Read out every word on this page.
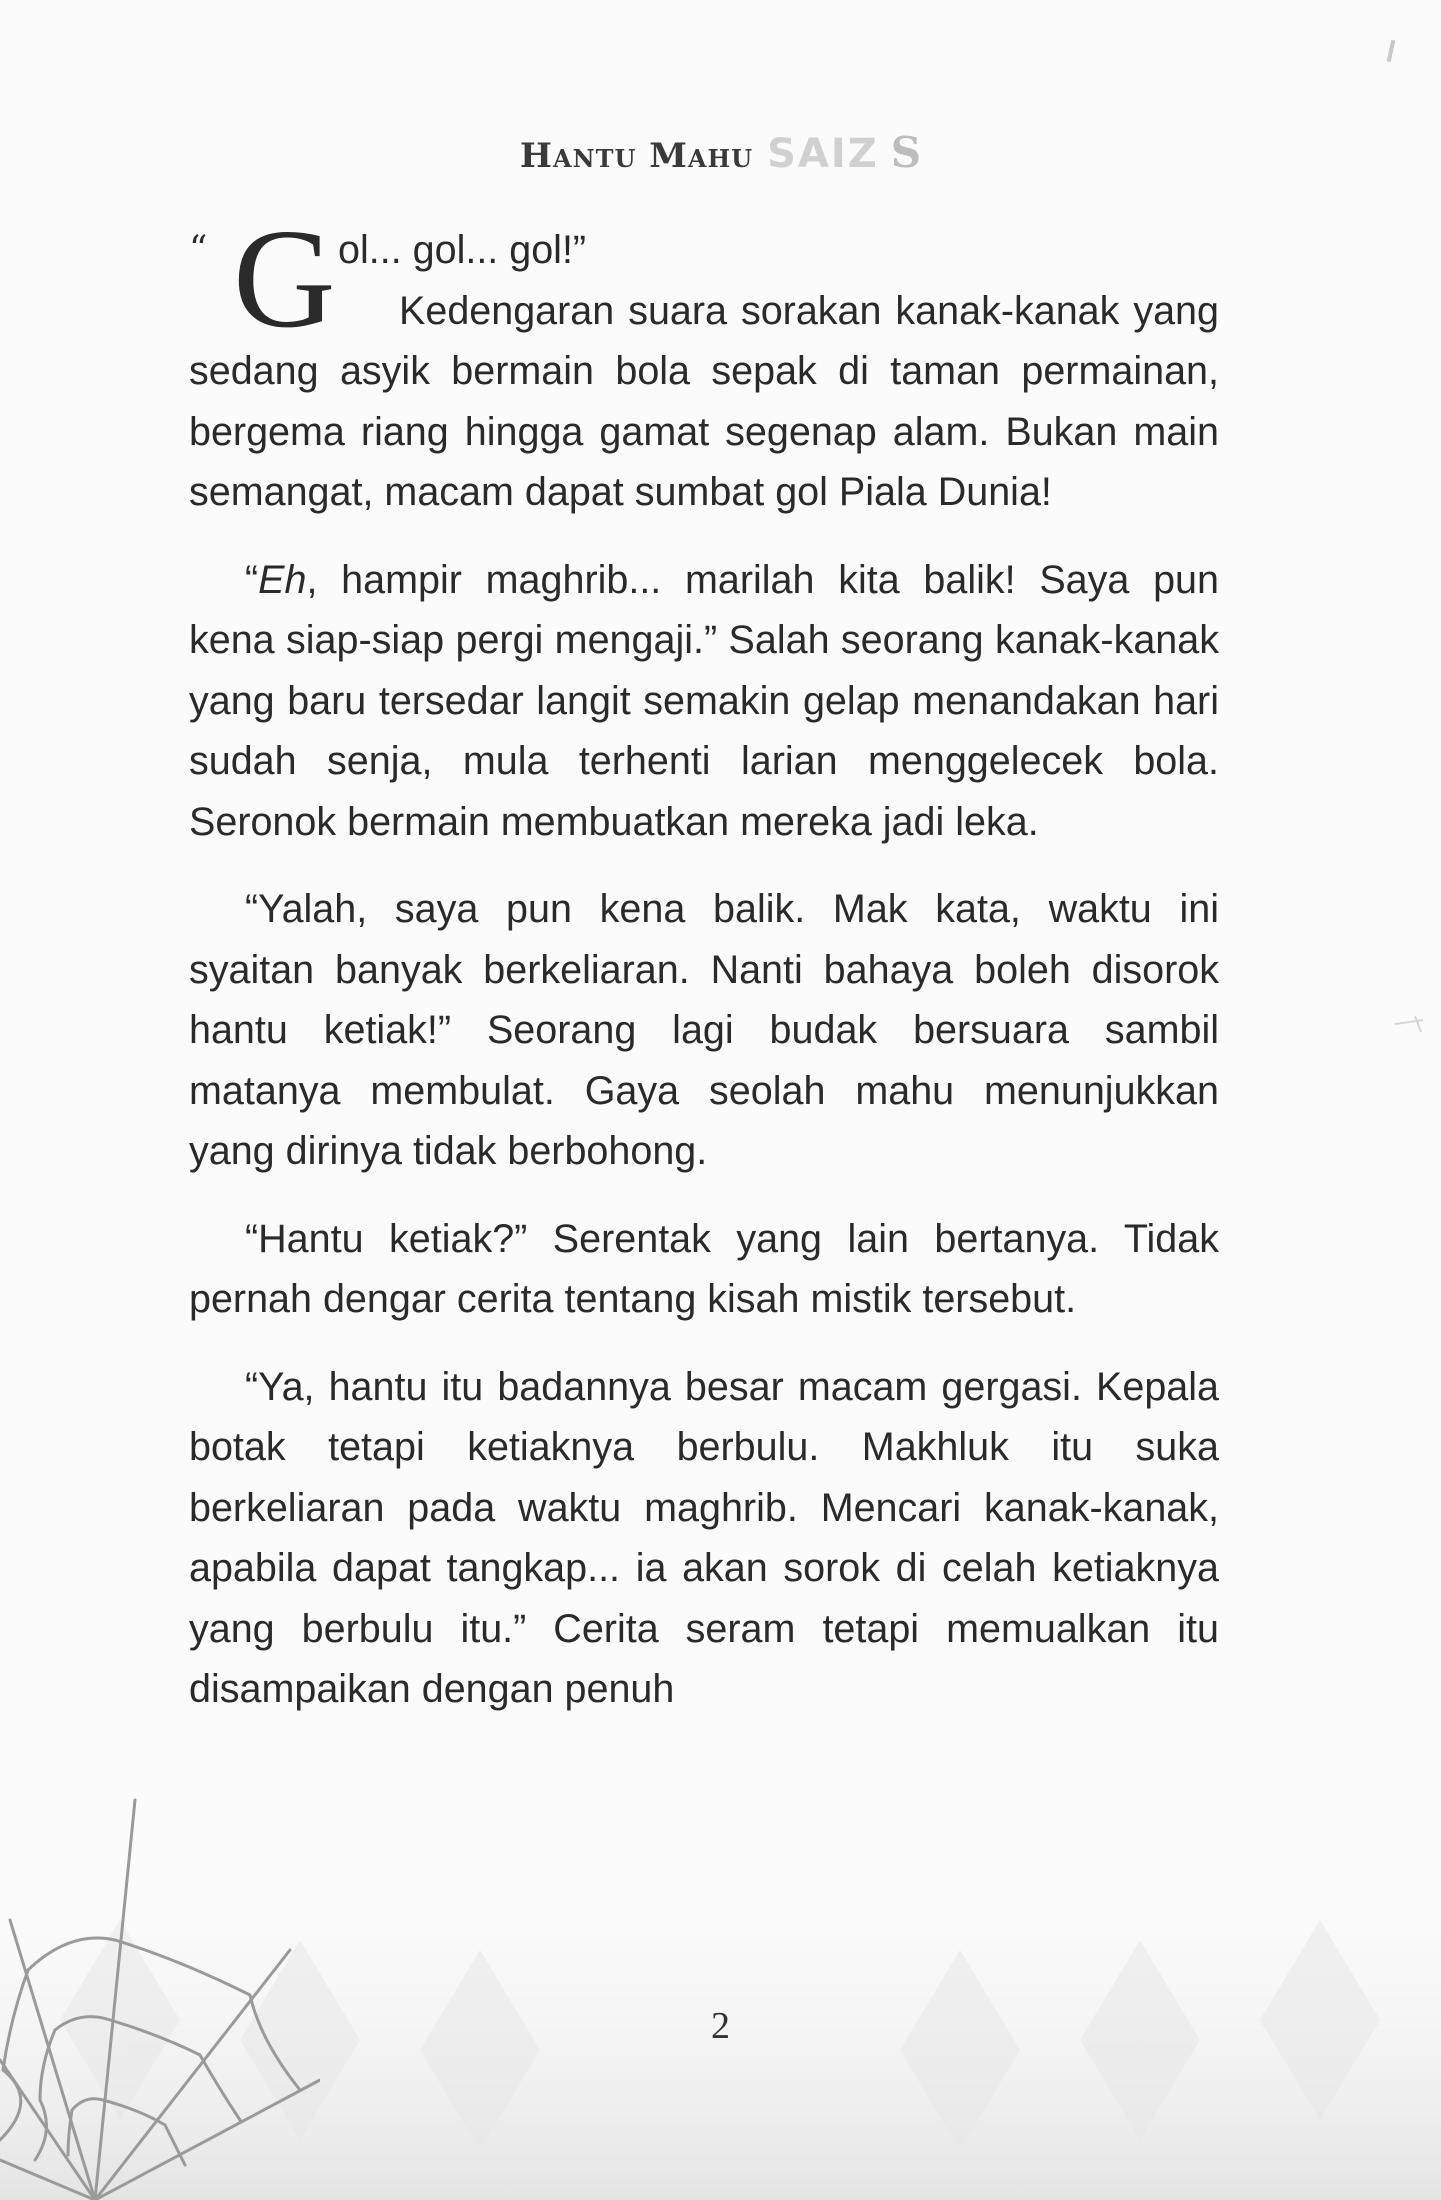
Hantu Mahu SAIZ S
“ G ol... gol... gol!”

Kedengaran suara sorakan kanak-kanak yang sedang asyik bermain bola sepak di taman permainan, bergema riang hingga gamat segenap alam. Bukan main semangat, macam dapat sumbat gol Piala Dunia!

“Eh, hampir maghrib... marilah kita balik! Saya pun kena siap-siap pergi mengaji.” Salah seorang kanak-kanak yang baru tersedar langit semakin gelap menandakan hari sudah senja, mula terhenti larian menggelecek bola. Seronok bermain membuatkan mereka jadi leka.

“Yalah, saya pun kena balik. Mak kata, waktu ini syaitan banyak berkeliaran. Nanti bahaya boleh disorok hantu ketiak!” Seorang lagi budak bersuara sambil matanya membulat. Gaya seolah mahu menunjukkan yang dirinya tidak berbohong.

“Hantu ketiak?” Serentak yang lain bertanya. Tidak pernah dengar cerita tentang kisah mistik tersebut.

“Ya, hantu itu badannya besar macam gergasi. Kepala botak tetapi ketiaknya berbulu. Makhluk itu suka berkeliaran pada waktu maghrib. Mencari kanak-kanak, apabila dapat tangkap... ia akan sorok di celah ketiaknya yang berbulu itu.” Cerita seram tetapi memualkan itu disampaikan dengan penuh

2
